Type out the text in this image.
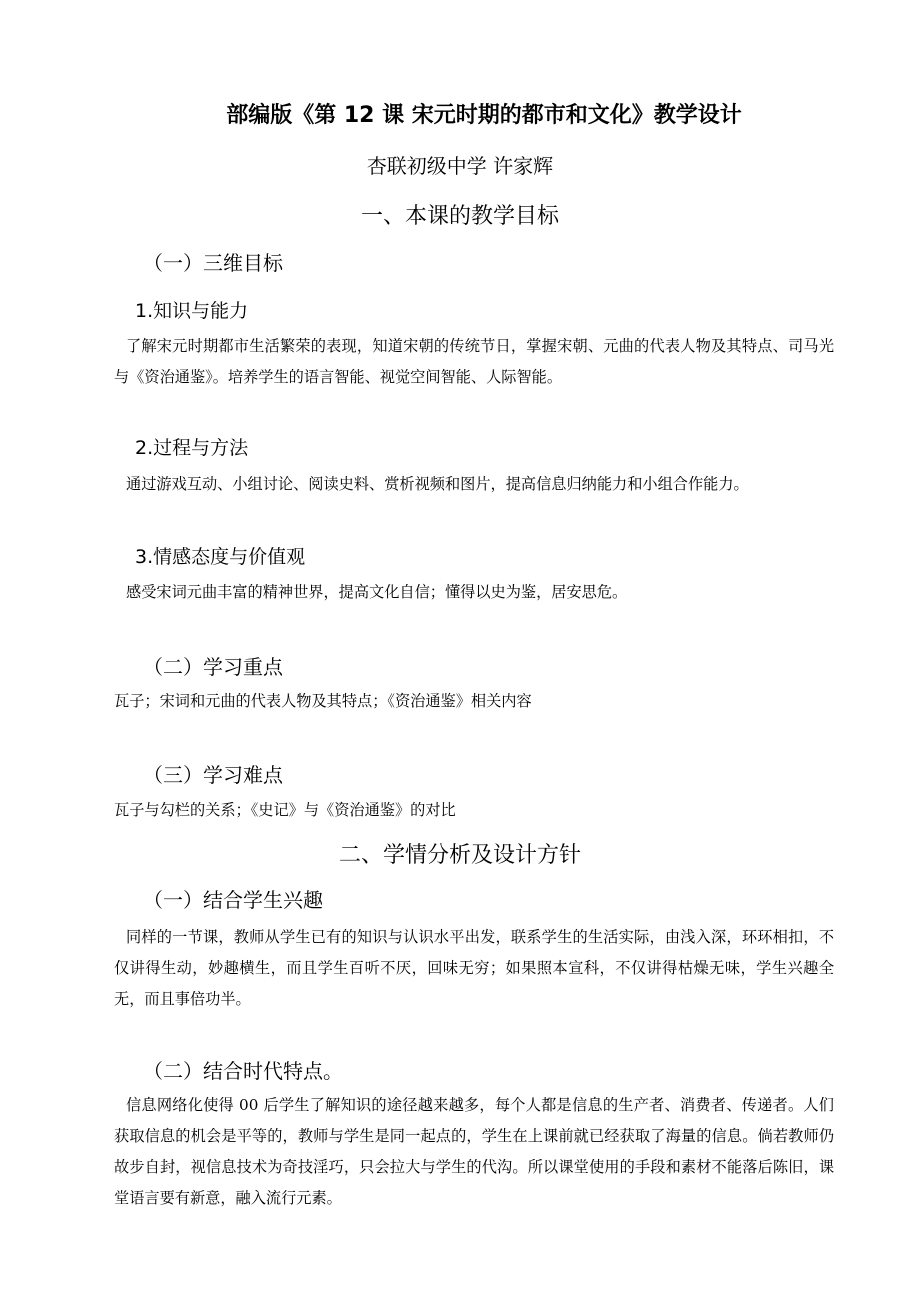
部编版《第 12 课 宋元时期的都市和文化》教学设计
杏联初级中学 许家辉
一、本课的教学目标
（一）三维目标
1.知识与能力

了解宋元时期都市生活繁荣的表现，知道宋朝的传统节日，掌握宋朝、元曲的代表人物及其特点、司马光与《资治通鉴》。培养学生的语言智能、视觉空间智能、人际智能。

2.过程与方法

通过游戏互动、小组讨论、阅读史料、赏析视频和图片，提高信息归纳能力和小组合作能力。

3.情感态度与价值观

感受宋词元曲丰富的精神世界，提高文化自信；懂得以史为鉴，居安思危。

（二）学习重点

瓦子；宋词和元曲的代表人物及其特点；《资治通鉴》相关内容

（三）学习难点

瓦子与勾栏的关系；《史记》与《资治通鉴》的对比

二、学情分析及设计方针
（一）结合学生兴趣

同样的一节课，教师从学生已有的知识与认识水平出发，联系学生的生活实际，由浅入深，环环相扣，不仅讲得生动，妙趣横生，而且学生百听不厌，回味无穷；如果照本宣科，不仅讲得枯燥无味，学生兴趣全无，而且事倍功半。

（二）结合时代特点。

信息网络化使得 00 后学生了解知识的途径越来越多，每个人都是信息的生产者、消费者、传递者。人们获取信息的机会是平等的，教师与学生是同一起点的，学生在上课前就已经获取了海量的信息。倘若教师仍故步自封，视信息技术为奇技淫巧，只会拉大与学生的代沟。所以课堂使用的手段和素材不能落后陈旧，课堂语言要有新意，融入流行元素。
